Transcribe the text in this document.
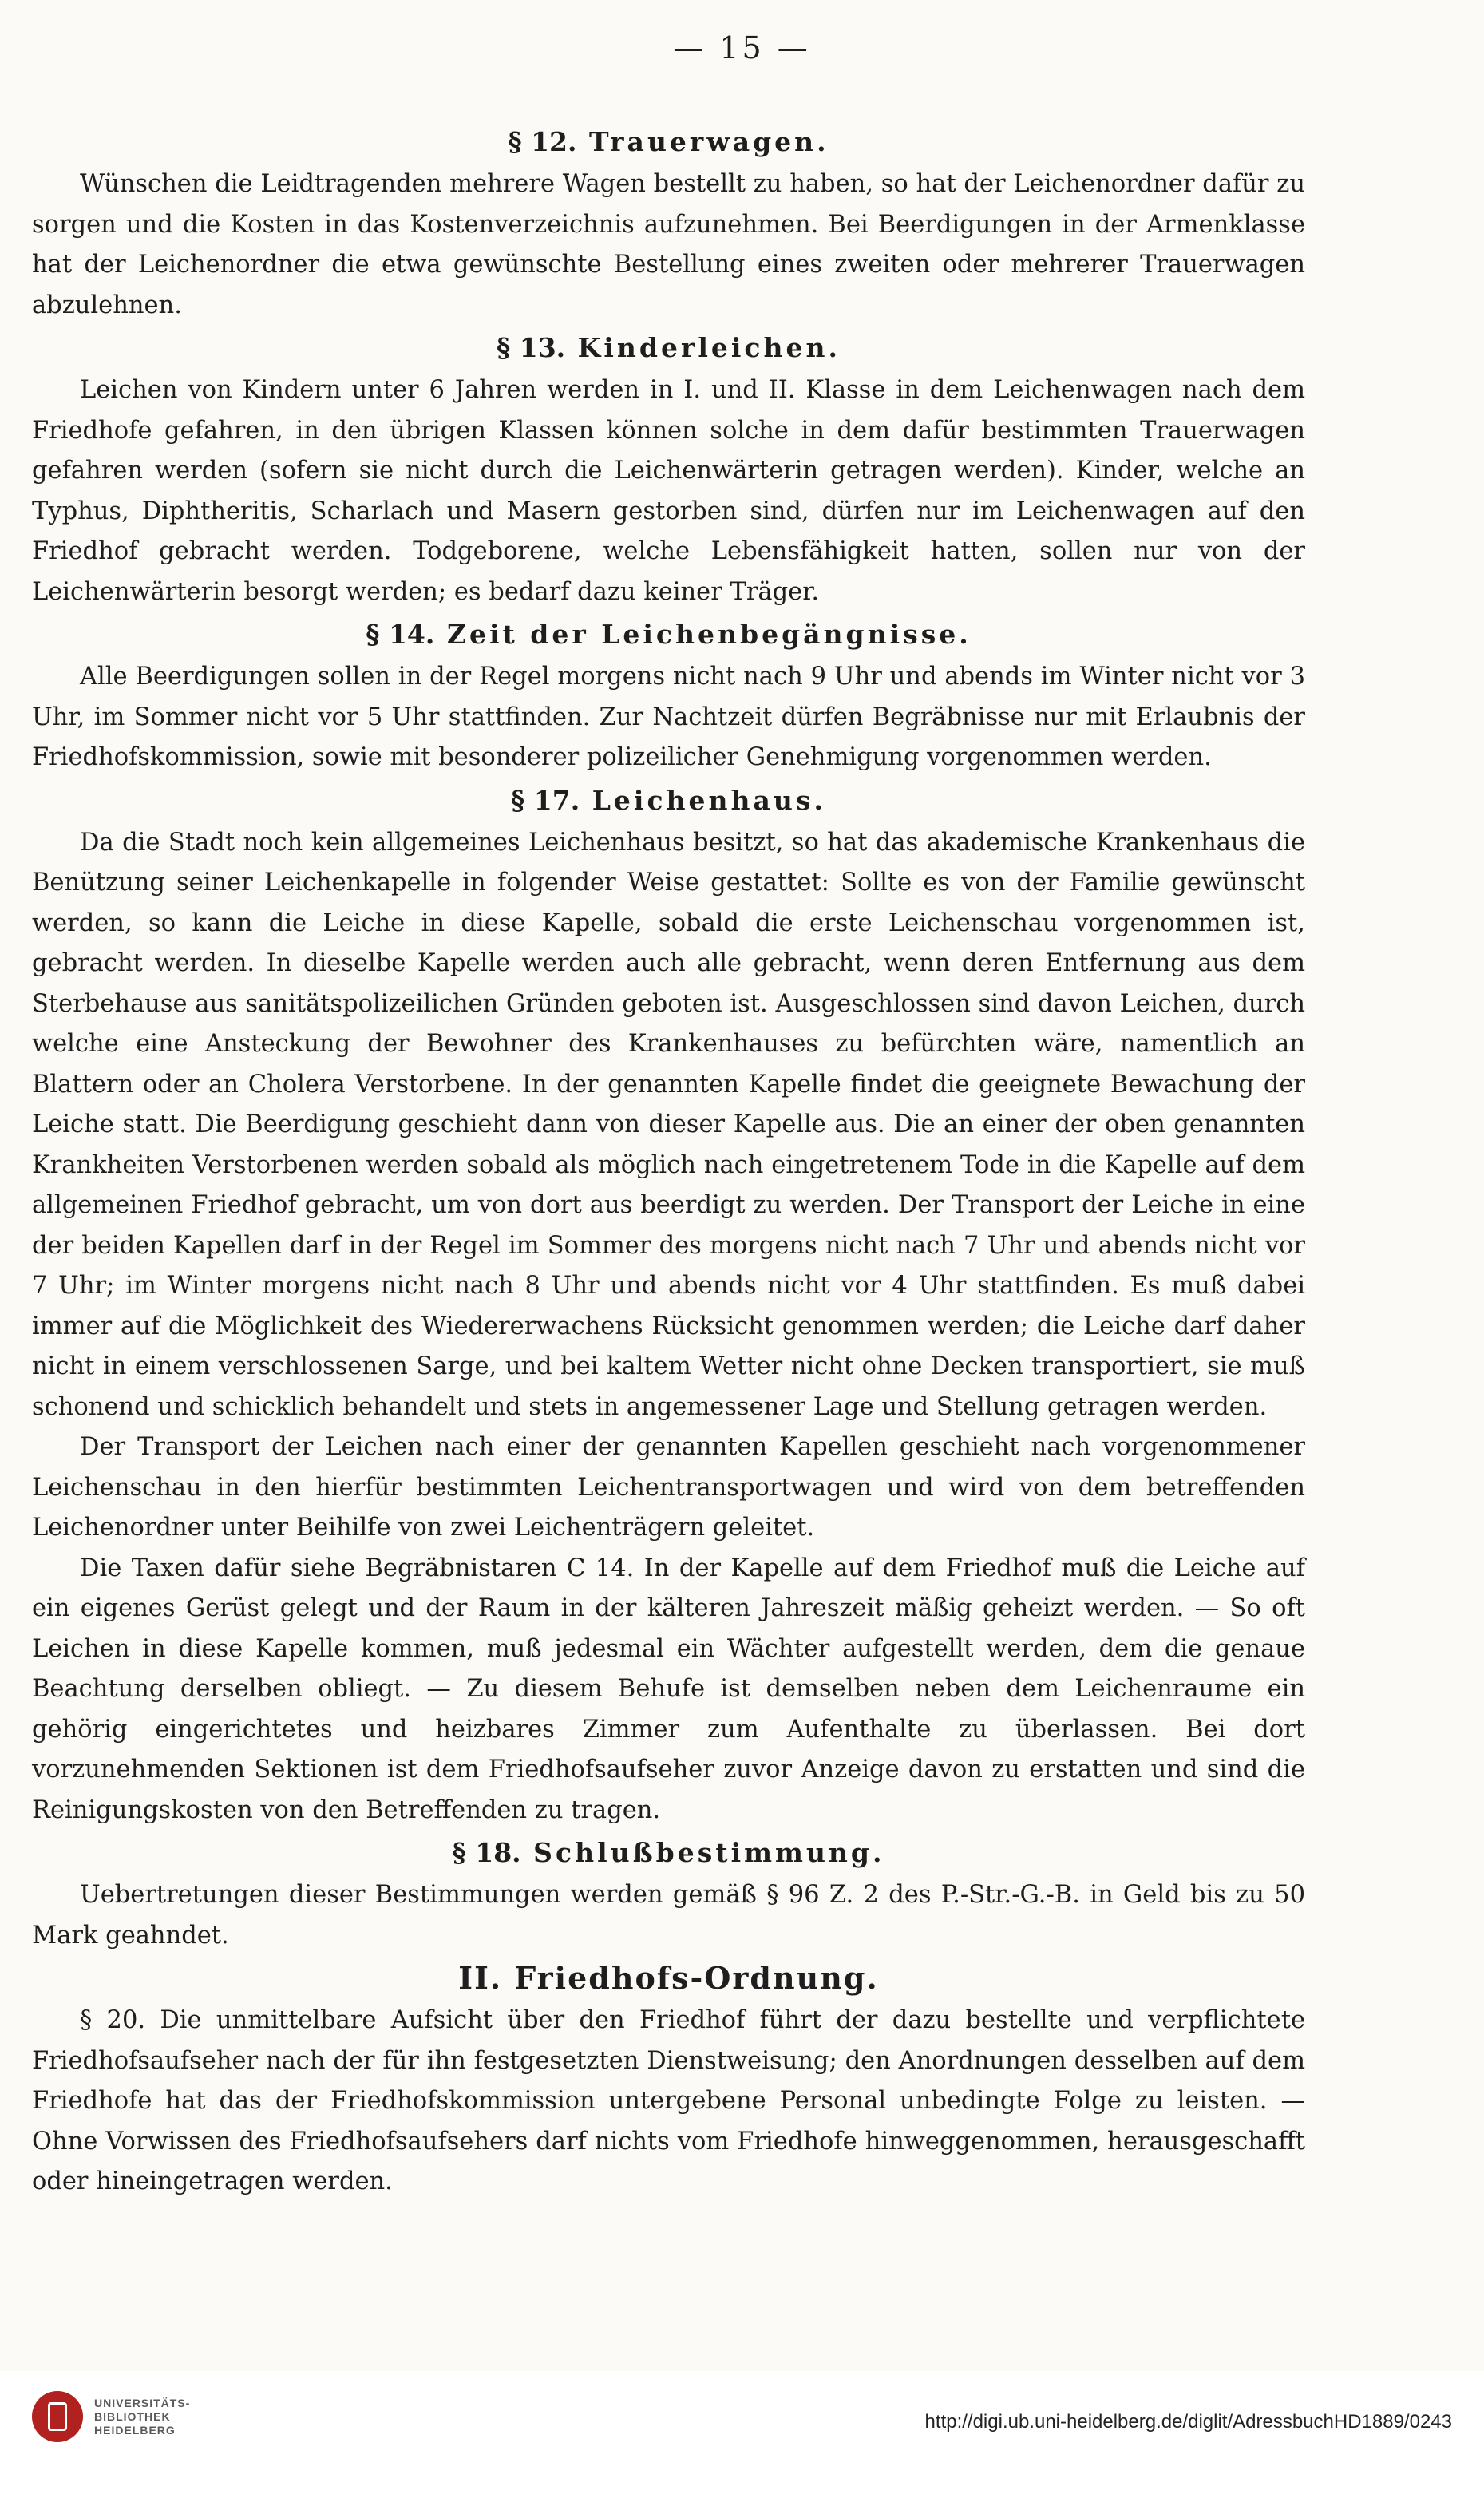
— 15 —
§ 12. Trauerwagen.

Wünschen die Leidtragenden mehrere Wagen bestellt zu haben, so hat der Leichenordner dafür zu sorgen und die Kosten in das Kostenverzeichnis aufzunehmen. Bei Beerdigungen in der Armenklasse hat der Leichenordner die etwa gewünschte Bestellung eines zweiten oder mehrerer Trauerwagen abzulehnen.

§ 13. Kinderleichen.

Leichen von Kindern unter 6 Jahren werden in I. und II. Klasse in dem Leichenwagen nach dem Friedhofe gefahren, in den übrigen Klassen können solche in dem dafür bestimmten Trauerwagen gefahren werden (sofern sie nicht durch die Leichenwärterin getragen werden). Kinder, welche an Typhus, Diphtheritis, Scharlach und Masern gestorben sind, dürfen nur im Leichenwagen auf den Friedhof gebracht werden. Todgeborene, welche Lebensfähigkeit hatten, sollen nur von der Leichenwärterin besorgt werden; es bedarf dazu keiner Träger.

§ 14. Zeit der Leichenbegängnisse.

Alle Beerdigungen sollen in der Regel morgens nicht nach 9 Uhr und abends im Winter nicht vor 3 Uhr, im Sommer nicht vor 5 Uhr stattfinden. Zur Nachtzeit dürfen Begräbnisse nur mit Erlaubnis der Friedhofskommission, sowie mit besonderer polizeilicher Genehmigung vorgenommen werden.

§ 17. Leichenhaus.

Da die Stadt noch kein allgemeines Leichenhaus besitzt, so hat das akademische Krankenhaus die Benützung seiner Leichenkapelle in folgender Weise gestattet: Sollte es von der Familie gewünscht werden, so kann die Leiche in diese Kapelle, sobald die erste Leichenschau vorgenommen ist, gebracht werden. In dieselbe Kapelle werden auch alle gebracht, wenn deren Entfernung aus dem Sterbehause aus sanitätspolizeilichen Gründen geboten ist. Ausgeschlossen sind davon Leichen, durch welche eine Ansteckung der Bewohner des Krankenhauses zu befürchten wäre, namentlich an Blattern oder an Cholera Verstorbene. In der genannten Kapelle findet die geeignete Bewachung der Leiche statt. Die Beerdigung geschieht dann von dieser Kapelle aus. Die an einer der oben genannten Krankheiten Verstorbenen werden sobald als möglich nach eingetretenem Tode in die Kapelle auf dem allgemeinen Friedhof gebracht, um von dort aus beerdigt zu werden. Der Transport der Leiche in eine der beiden Kapellen darf in der Regel im Sommer des morgens nicht nach 7 Uhr und abends nicht vor 7 Uhr; im Winter morgens nicht nach 8 Uhr und abends nicht vor 4 Uhr stattfinden. Es muß dabei immer auf die Möglichkeit des Wiedererwachens Rücksicht genommen werden; die Leiche darf daher nicht in einem verschlossenen Sarge, und bei kaltem Wetter nicht ohne Decken transportiert, sie muß schonend und schicklich behandelt und stets in angemessener Lage und Stellung getragen werden.

Der Transport der Leichen nach einer der genannten Kapellen geschieht nach vorgenommener Leichenschau in den hierfür bestimmten Leichentransportwagen und wird von dem betreffenden Leichenordner unter Beihilfe von zwei Leichenträgern geleitet.

Die Taxen dafür siehe Begräbnistaren C 14. In der Kapelle auf dem Friedhof muß die Leiche auf ein eigenes Gerüst gelegt und der Raum in der kälteren Jahreszeit mäßig geheizt werden. — So oft Leichen in diese Kapelle kommen, muß jedesmal ein Wächter aufgestellt werden, dem die genaue Beachtung derselben obliegt. — Zu diesem Behufe ist demselben neben dem Leichenraume ein gehörig eingerichtetes und heizbares Zimmer zum Aufenthalte zu überlassen. Bei dort vorzunehmenden Sektionen ist dem Friedhofsaufseher zuvor Anzeige davon zu erstatten und sind die Reinigungskosten von den Betreffenden zu tragen.

§ 18. Schlußbestimmung.

Uebertretungen dieser Bestimmungen werden gemäß § 96 Z. 2 des P.-Str.-G.-B. in Geld bis zu 50 Mark geahndet.

II. Friedhofs-Ordnung.

§ 20. Die unmittelbare Aufsicht über den Friedhof führt der dazu bestellte und verpflichtete Friedhofsaufseher nach der für ihn festgesetzten Dienstweisung; den Anordnungen desselben auf dem Friedhofe hat das der Friedhofskommission untergebene Personal unbedingte Folge zu leisten. — Ohne Vorwissen des Friedhofsaufsehers darf nichts vom Friedhofe hinweggenommen, herausgeschafft oder hineingetragen werden.

UNIVERSITÄTS-
BIBLIOTHEK
HEIDELBERG	http://digi.ub.uni-heidelberg.de/diglit/AdressbuchHD1889/0243
